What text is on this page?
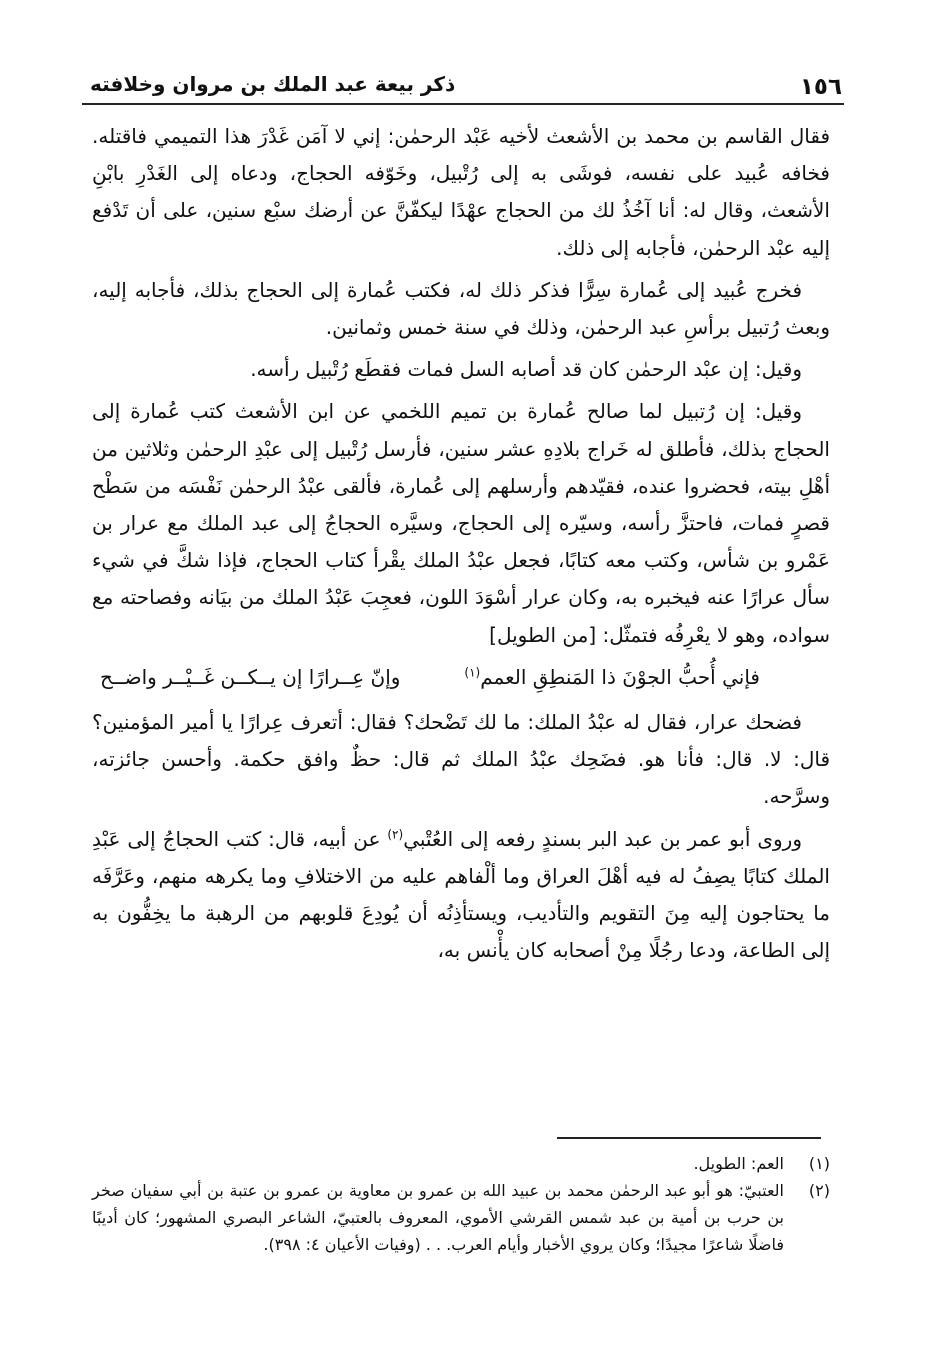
١٥٦
ذكر بيعة عبد الملك بن مروان وخلافته

فقال القاسم بن محمد بن الأشعث لأخيه عَبْد الرحمٰن: إني لا آمَن غَدْرَ هذا التميمي فاقتله. فخافه عُبيد على نفسه، فوشَى به إلى رُتْبيل، وخَوّفه الحجاج، ودعاه إلى الغَدْرِ بابْنِ الأشعث، وقال له: أنا آخُذُ لك من الحجاج عهْدًا ليكفّنَّ عن أرضك سبْع سنين، على أن تَدْفع إليه عبْد الرحمٰن، فأجابه إلى ذلك.

فخرج عُبيد إلى عُمارة سِرًّا فذكر ذلك له، فكتب عُمارة إلى الحجاج بذلك، فأجابه إليه، وبعث رُتبيل برأسِ عبد الرحمٰن، وذلك في سنة خمس وثمانين.

وقيل: إن عبْد الرحمٰن كان قد أصابه السل فمات فقطَع رُتْبيل رأسه.

وقيل: إن رُتبيل لما صالح عُمارة بن تميم اللخمي عن ابن الأشعث كتب عُمارة إلى الحجاج بذلك، فأطلق له خَراج بلادِهِ عشر سنين، فأرسل رُتْبيل إلى عبْدِ الرحمٰن وثلاثين من أهْلِ بيته، فحضروا عنده، فقيّدهم وأرسلهم إلى عُمارة، فألقى عبْدُ الرحمٰن نَفْسَه من سَطْح قصرٍ فمات، فاحتزَّ رأسه، وسيّره إلى الحجاج، وسيَّره الحجاجُ إلى عبد الملك مع عرار بن عَمْرو بن شأس، وكتب معه كتابًا، فجعل عبْدُ الملك يقْرأ كتاب الحجاج، فإذا شكَّ في شيء سأل عرارًا عنه فيخبره به، وكان عرار أسْوَدَ اللون، فعجِبَ عَبْدُ الملك من بيَانه وفصاحته مع سواده، وهو لا يعْرِفُه فتمثّل: [من الطويل]

فإني أُحبُّ الجوْنَ ذا المَنطِقِ العمم$^{(١)}$
وإنّ عِــرارًا إن يــكــن غَــيْــر واضــح

فضحك عرار، فقال له عبْدُ الملك: ما لك تَضْحك؟ فقال: أتعرف عِرارًا يا أمير المؤمنين؟ قال: لا. قال: فأنا هو. فضَحِك عبْدُ الملك ثم قال: حظٌ وافق حكمة. وأحسن جائزته، وسرَّحه.

وروى أبو عمر بن عبد البر بسندٍ رفعه إلى العُتْبي$^{(٢)}$ عن أبيه، قال: كتب الحجاجُ إلى عَبْدِ الملك كتابًا يصِفُ له فيه أهْلَ العراق وما ألْفاهم عليه من الاختلافِ وما يكرهه منهم، وعَرَّفَه ما يحتاجون إليه مِنَ التقويم والتأديب، ويستأذِنُه أن يُودِعَ قلوبهم من الرهبة ما يخِفُّون به إلى الطاعة، ودعا رجُلًا مِنْ أصحابه كان يأْنس به،

(١)
العم: الطويل.
(٢)
العتبيّ: هو أبو عبد الرحمٰن محمد بن عبيد الله بن عمرو بن معاوية بن عمرو بن عتبة بن أبي سفيان صخر بن حرب بن أمية بن عبد شمس القرشي الأموي، المعروف بالعتبيّ، الشاعر البصري المشهور؛ كان أديبًا فاضلًا شاعرًا مجيدًا؛ وكان يروي الأخبار وأيام العرب. . . (وفيات الأعيان ٤: ٣٩٨).
